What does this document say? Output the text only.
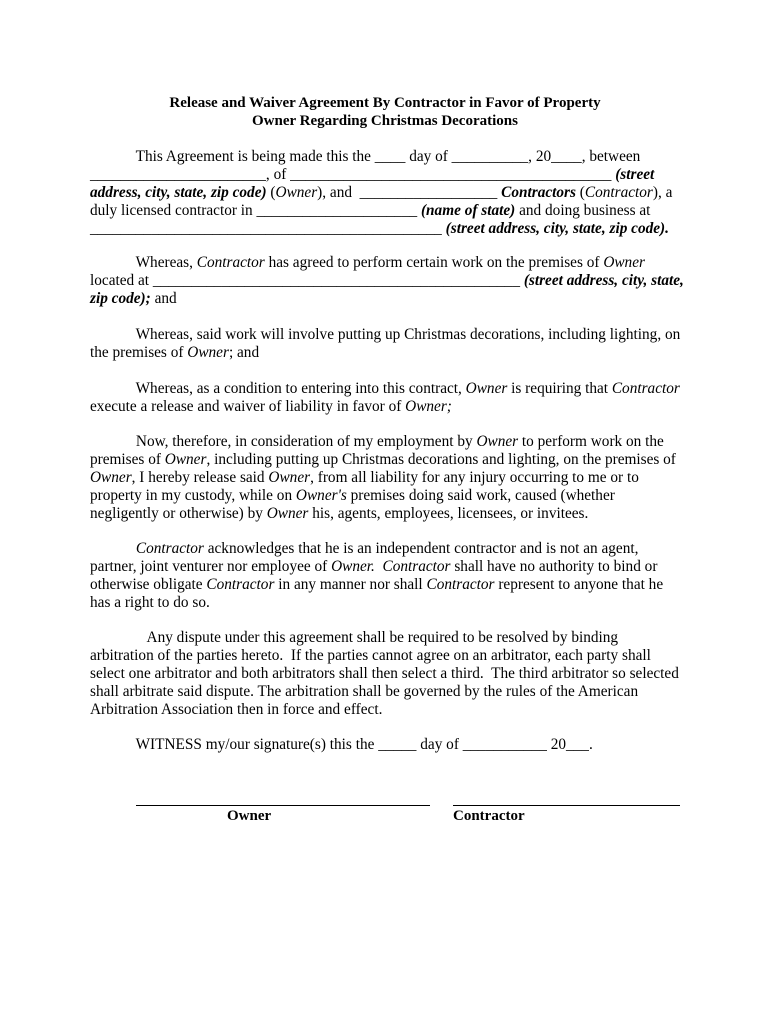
Release and Waiver Agreement By Contractor in Favor of Property
Owner Regarding Christmas Decorations
This Agreement is being made this the ____ day of __________, 20____, between
_______________________, of __________________________________________ (street
address, city, state, zip code) (Owner), and  __________________ Contractors (Contractor), a
duly licensed contractor in _____________________ (name of state) and doing business at
______________________________________________ (street address, city, state, zip code).
Whereas, Contractor has agreed to perform certain work on the premises of Owner
located at ________________________________________________ (street address, city, state,
zip code); and
Whereas, said work will involve putting up Christmas decorations, including lighting, on
the premises of Owner; and
Whereas, as a condition to entering into this contract, Owner is requiring that Contractor
execute a release and waiver of liability in favor of Owner;
Now, therefore, in consideration of my employment by Owner to perform work on the
premises of Owner, including putting up Christmas decorations and lighting, on the premises of
Owner, I hereby release said Owner, from all liability for any injury occurring to me or to
property in my custody, while on Owner's premises doing said work, caused (whether
negligently or otherwise) by Owner his, agents, employees, licensees, or invitees.
Contractor acknowledges that he is an independent contractor and is not an agent,
partner, joint venturer nor employee of Owner. Contractor shall have no authority to bind or
otherwise obligate Contractor in any manner nor shall Contractor represent to anyone that he
has a right to do so.
Any dispute under this agreement shall be required to be resolved by binding
arbitration of the parties hereto.  If the parties cannot agree on an arbitrator, each party shall
select one arbitrator and both arbitrators shall then select a third.  The third arbitrator so selected
shall arbitrate said dispute. The arbitration shall be governed by the rules of the American
Arbitration Association then in force and effect.
WITNESS my/our signature(s) this the _____ day of ___________ 20___.
Owner	Contractor
